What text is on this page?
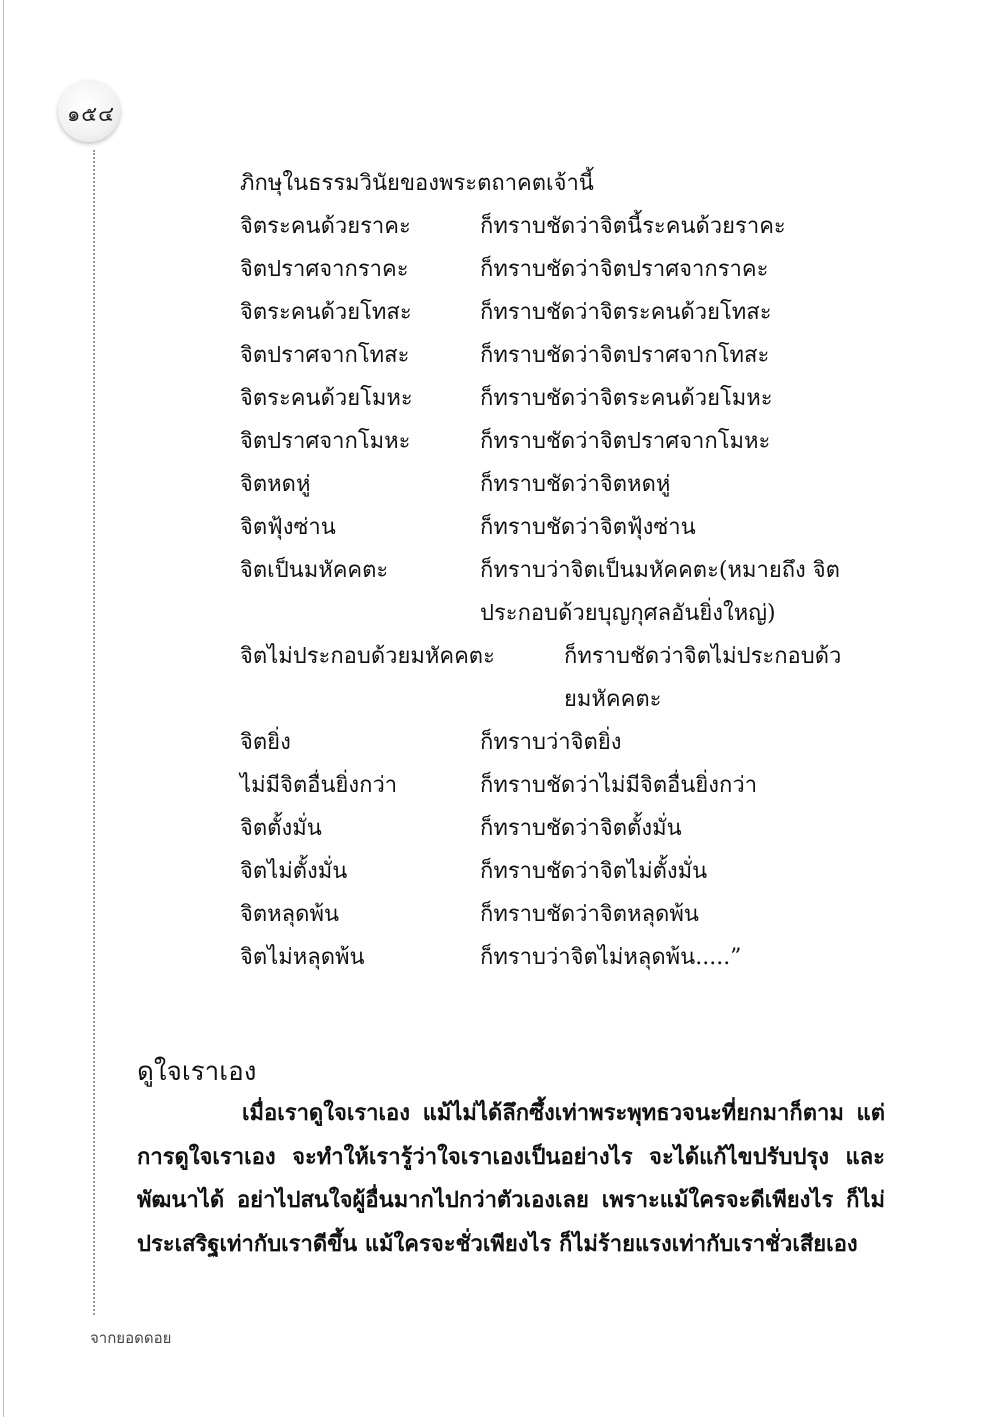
๑๕๔
ภิกษุในธรรมวินัยของพระตถาคตเจ้านี้
จิตระคนด้วยราคะ	ก็ทราบชัดว่าจิตนี้ระคนด้วยราคะ
จิตปราศจากราคะ	ก็ทราบชัดว่าจิตปราศจากราคะ
จิตระคนด้วยโทสะ	ก็ทราบชัดว่าจิตระคนด้วยโทสะ
จิตปราศจากโทสะ	ก็ทราบชัดว่าจิตปราศจากโทสะ
จิตระคนด้วยโมหะ	ก็ทราบชัดว่าจิตระคนด้วยโมหะ
จิตปราศจากโมหะ	ก็ทราบชัดว่าจิตปราศจากโมหะ
จิตหดหู่	ก็ทราบชัดว่าจิตหดหู่
จิตฟุ้งซ่าน	ก็ทราบชัดว่าจิตฟุ้งซ่าน
จิตเป็นมหัคคตะ	ก็ทราบว่าจิตเป็นมหัคคตะ(หมายถึง จิตประกอบด้วยบุญกุศลอันยิ่งใหญ่)
จิตไม่ประกอบด้วยมหัคคตะ	ก็ทราบชัดว่าจิตไม่ประกอบด้วยมหัคคตะ
จิตยิ่ง	ก็ทราบว่าจิตยิ่ง
ไม่มีจิตอื่นยิ่งกว่า	ก็ทราบชัดว่าไม่มีจิตอื่นยิ่งกว่า
จิตตั้งมั่น	ก็ทราบชัดว่าจิตตั้งมั่น
จิตไม่ตั้งมั่น	ก็ทราบชัดว่าจิตไม่ตั้งมั่น
จิตหลุดพ้น	ก็ทราบชัดว่าจิตหลุดพ้น
จิตไม่หลุดพ้น	ก็ทราบว่าจิตไม่หลุดพ้น.....”
ดูใจเราเอง

เมื่อเราดูใจเราเอง แม้ไม่ได้ลึกซึ้งเท่าพระพุทธวจนะที่ยกมาก็ตาม แต่การดูใจเราเอง จะทำให้เรารู้ว่าใจเราเองเป็นอย่างไร จะได้แก้ไขปรับปรุง และพัฒนาได้ อย่าไปสนใจผู้อื่นมากไปกว่าตัวเองเลย เพราะแม้ใครจะดีเพียงไร ก็ไม่ประเสริฐเท่ากับเราดีขึ้น แม้ใครจะชั่วเพียงไร ก็ไม่ร้ายแรงเท่ากับเราชั่วเสียเอง

จากยอดดอย
